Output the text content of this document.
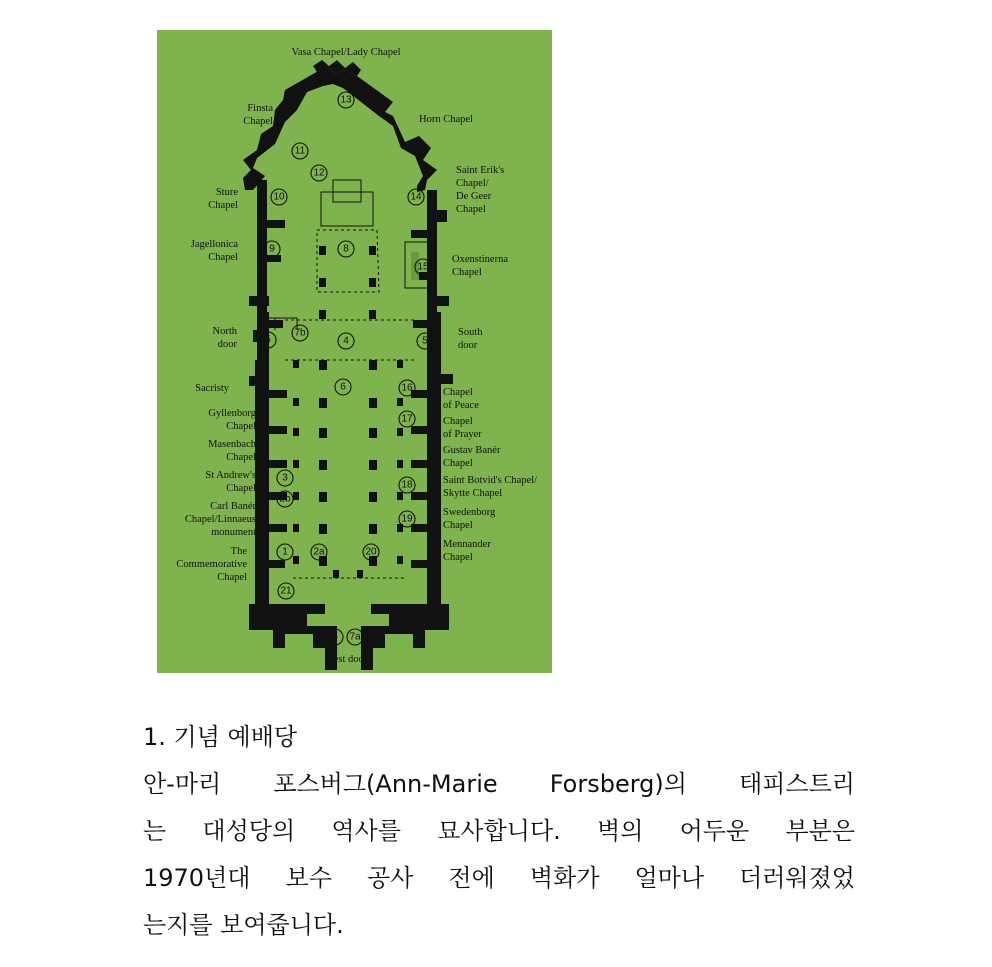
13
11
12
14
10
8
9
15
7b
5	4	5
6	16
17
3
18
2b
19
1	2a	20
21
5 7a
Vasa Chapel/Lady Chapel
Finsta
Chapel	Horn Chapel
Saint Erik's
Chapel/
De Geer
Chapel
Sture
Chapel
Jagellonica
Chapel	Oxenstinerna
Chapel
North
door
South
door
Sacristy	Chapel
of Peace
Gyllenborg
Chapel	Chapel
of Prayer
Masenbach
Chapel
Gustav Banér
Chapel
St Andrew's
Chapel
Saint Botvid's Chapel/
Skytte Chapel
Carl Banér
Chapel/Linnaeus
monument
Swedenborg
Chapel
The
Commemorative
Chapel
Mennander
Chapel
West door
1. 기념 예배당
안-마리 포스버그(Ann-Marie Forsberg)의 태피스트리
는 대성당의 역사를 묘사합니다. 벽의 어두운 부분은
1970년대 보수 공사 전에 벽화가 얼마나 더러워졌었
는지를 보여줍니다.
